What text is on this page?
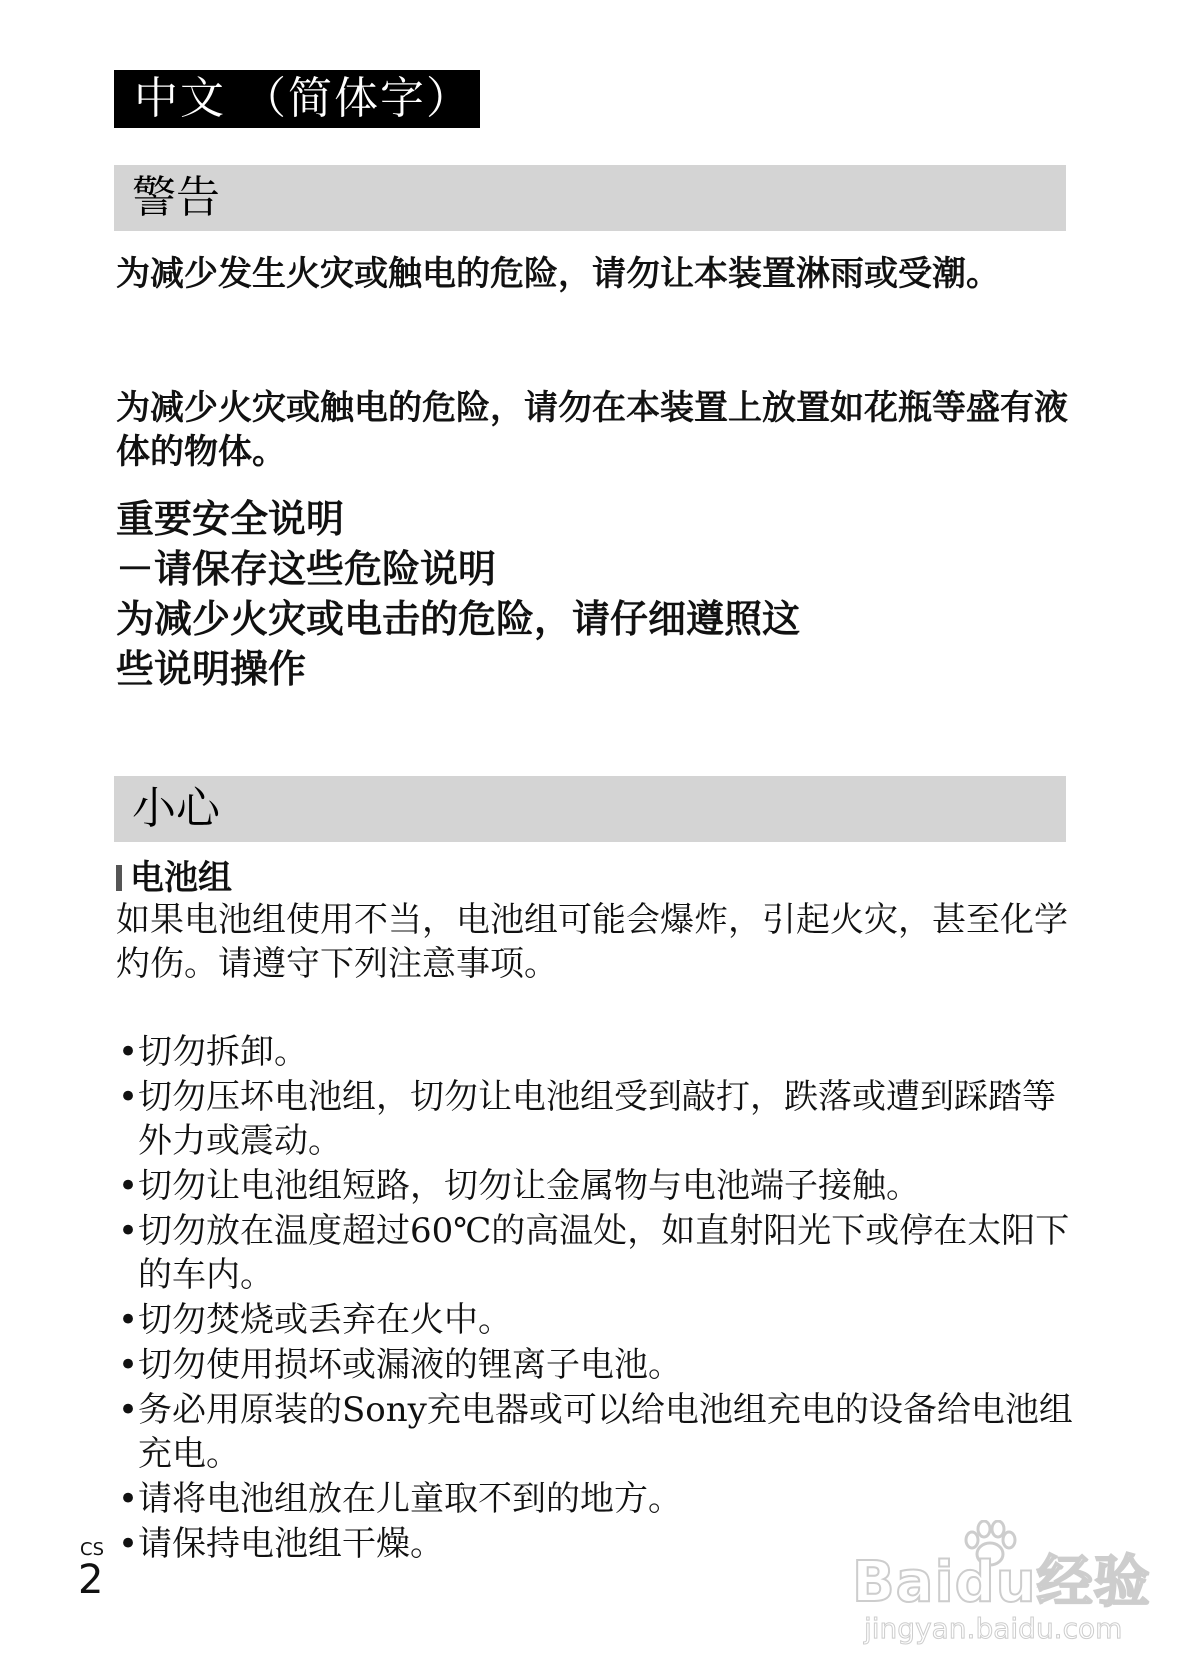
中文 （简体字）
警告

为减少发生火灾或触电的危险，请勿让本装置淋雨或受潮。

为减少火灾或触电的危险，请勿在本装置上放置如花瓶等盛有液体的物体。

重要安全说明
－请保存这些危险说明
为减少火灾或电击的危险，请仔细遵照这
些说明操作
小心
电池组
如果电池组使用不当，电池组可能会爆炸，引起火灾，甚至化学灼伤。请遵守下列注意事项。
• 切勿拆卸。
• 切勿压坏电池组，切勿让电池组受到敲打，跌落或遭到踩踏等外力或震动。
• 切勿让电池组短路，切勿让金属物与电池端子接触。
• 切勿放在温度超过60℃的高温处，如直射阳光下或停在太阳下的车内。
• 切勿焚烧或丢弃在火中。
• 切勿使用损坏或漏液的锂离子电池。
• 务必用原装的Sony充电器或可以给电池组充电的设备给电池组充电。
• 请将电池组放在儿童取不到的地方。
• 请保持电池组干燥。
CS
2	Baidu经验
jingyan.baidu.com
